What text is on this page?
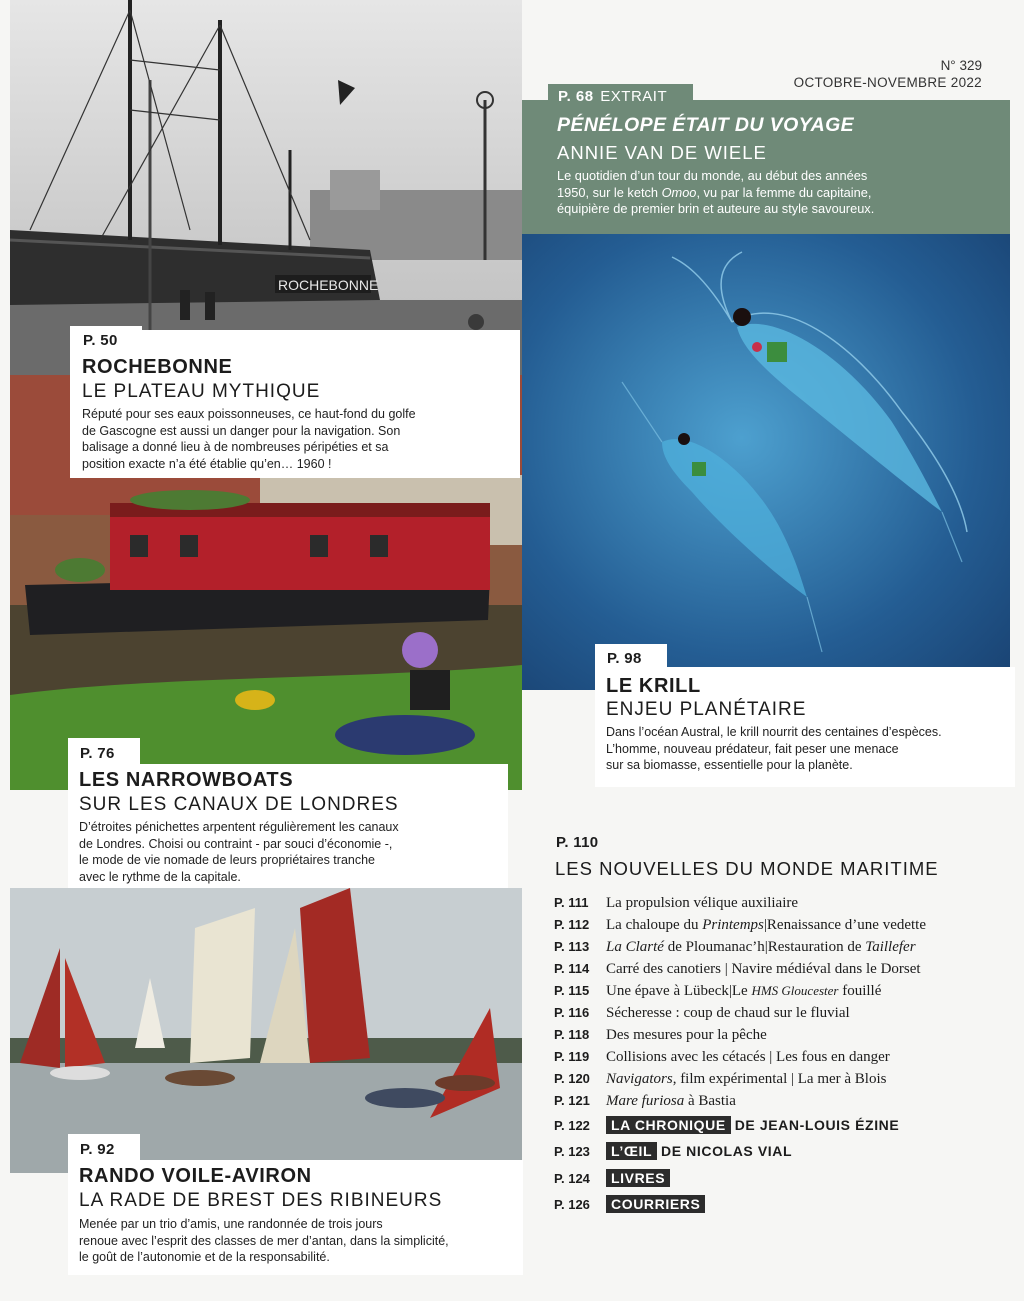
ROCHEBONNE
N° 329
OCTOBRE-NOVEMBRE 2022
P. 68 EXTRAIT
PÉNÉLOPE ÉTAIT DU VOYAGE
ANNIE VAN DE WIELE
Le quotidien d’un tour du monde, au début des années
1950, sur le ketch Omoo, vu par la femme du capitaine,
équipière de premier brin et auteure au style savoureux.
P. 50
ROCHEBONNE
LE PLATEAU MYTHIQUE
Réputé pour ses eaux poissonneuses, ce haut-fond du golfe
de Gascogne est aussi un danger pour la navigation. Son
balisage a donné lieu à de nombreuses péripéties et sa
position exacte n’a été établie qu’en… 1960 !
P. 98
LE KRILL
ENJEU PLANÉTAIRE
Dans l’océan Austral, le krill nourrit des centaines d’espèces.
L’homme, nouveau prédateur, fait peser une menace
sur sa biomasse, essentielle pour la planète.
P. 76
LES NARROWBOATS
SUR LES CANAUX DE LONDRES
D’étroites pénichettes arpentent régulièrement les canaux
de Londres. Choisi ou contraint - par souci d’économie -,
le mode de vie nomade de leurs propriétaires tranche
avec le rythme de la capitale.
P. 92
RANDO VOILE-AVIRON
LA RADE DE BREST DES RIBINEURS
Menée par un trio d’amis, une randonnée de trois jours
renoue avec l’esprit des classes de mer d’antan, dans la simplicité,
le goût de l’autonomie et de la responsabilité.
P. 110
LES NOUVELLES DU MONDE MARITIME
P. 111 La propulsion vélique auxiliaire
P. 112 La chaloupe du Printemps|Renaissance d’une vedette
P. 113 La Clarté de Ploumanac’h|Restauration de Taillefer
P. 114 Carré des canotiers | Navire médiéval dans le Dorset
P. 115 Une épave à Lübeck|Le HMS Gloucester fouillé
P. 116 Sécheresse : coup de chaud sur le fluvial
P. 118 Des mesures pour la pêche
P. 119 Collisions avec les cétacés | Les fous en danger
P. 120 Navigators, film expérimental | La mer à Blois
P. 121 Mare furiosa à Bastia
P. 122 LA CHRONIQUE DE JEAN-LOUIS ÉZINE
P. 123 L’ŒIL DE NICOLAS VIAL
P. 124 LIVRES
P. 126 COURRIERS
